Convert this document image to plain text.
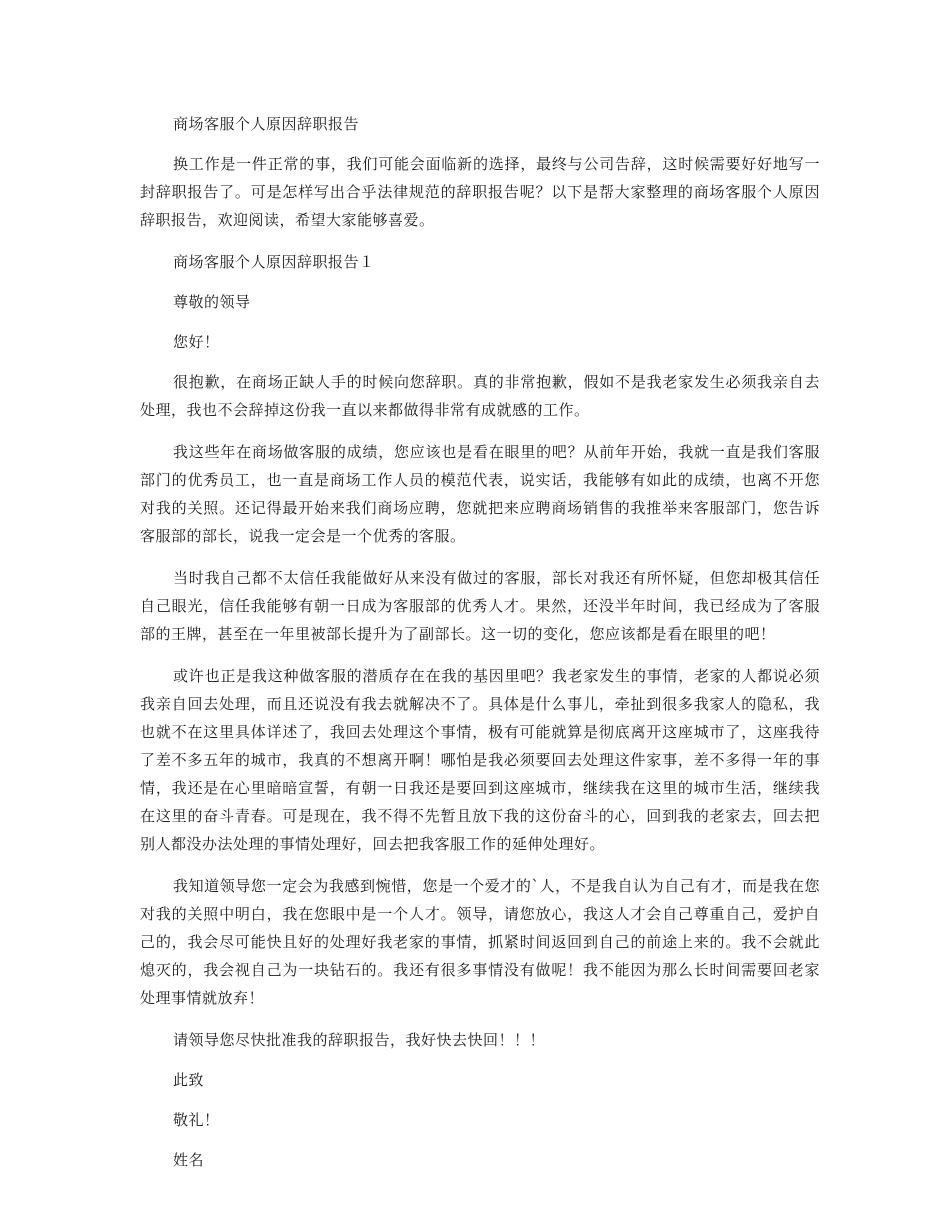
商场客服个人原因辞职报告

换工作是一件正常的事，我们可能会面临新的选择，最终与公司告辞，这时候需要好好地写一封辞职报告了。可是怎样写出合乎法律规范的辞职报告呢？以下是帮大家整理的商场客服个人原因辞职报告，欢迎阅读，希望大家能够喜爱。

商场客服个人原因辞职报告１

尊敬的领导

您好！

很抱歉，在商场正缺人手的时候向您辞职。真的非常抱歉，假如不是我老家发生必须我亲自去处理，我也不会辞掉这份我一直以来都做得非常有成就感的工作。

我这些年在商场做客服的成绩，您应该也是看在眼里的吧？从前年开始，我就一直是我们客服部门的优秀员工，也一直是商场工作人员的模范代表，说实话，我能够有如此的成绩，也离不开您对我的关照。还记得最开始来我们商场应聘，您就把来应聘商场销售的我推举来客服部门，您告诉客服部的部长，说我一定会是一个优秀的客服。

当时我自己都不太信任我能做好从来没有做过的客服，部长对我还有所怀疑，但您却极其信任自己眼光，信任我能够有朝一日成为客服部的优秀人才。果然，还没半年时间，我已经成为了客服部的王牌，甚至在一年里被部长提升为了副部长。这一切的变化，您应该都是看在眼里的吧！

或许也正是我这种做客服的潜质存在在我的基因里吧？我老家发生的事情，老家的人都说必须我亲自回去处理，而且还说没有我去就解决不了。具体是什么事儿，牵扯到很多我家人的隐私，我也就不在这里具体详述了，我回去处理这个事情，极有可能就算是彻底离开这座城市了，这座我待了差不多五年的城市，我真的不想离开啊！哪怕是我必须要回去处理这件家事，差不多得一年的事情，我还是在心里暗暗宣誓，有朝一日我还是要回到这座城市，继续我在这里的城市生活，继续我在这里的奋斗青春。可是现在，我不得不先暂且放下我的这份奋斗的心，回到我的老家去，回去把别人都没办法处理的事情处理好，回去把我客服工作的延伸处理好。

我知道领导您一定会为我感到惋惜，您是一个爱才的`人，不是我自认为自己有才，而是我在您对我的关照中明白，我在您眼中是一个人才。领导，请您放心，我这人才会自己尊重自己，爱护自己的，我会尽可能快且好的处理好我老家的事情，抓紧时间返回到自己的前途上来的。我不会就此熄灭的，我会视自己为一块钻石的。我还有很多事情没有做呢！我不能因为那么长时间需要回老家处理事情就放弃！

请领导您尽快批准我的辞职报告，我好快去快回！！！

此致

敬礼！

姓名
